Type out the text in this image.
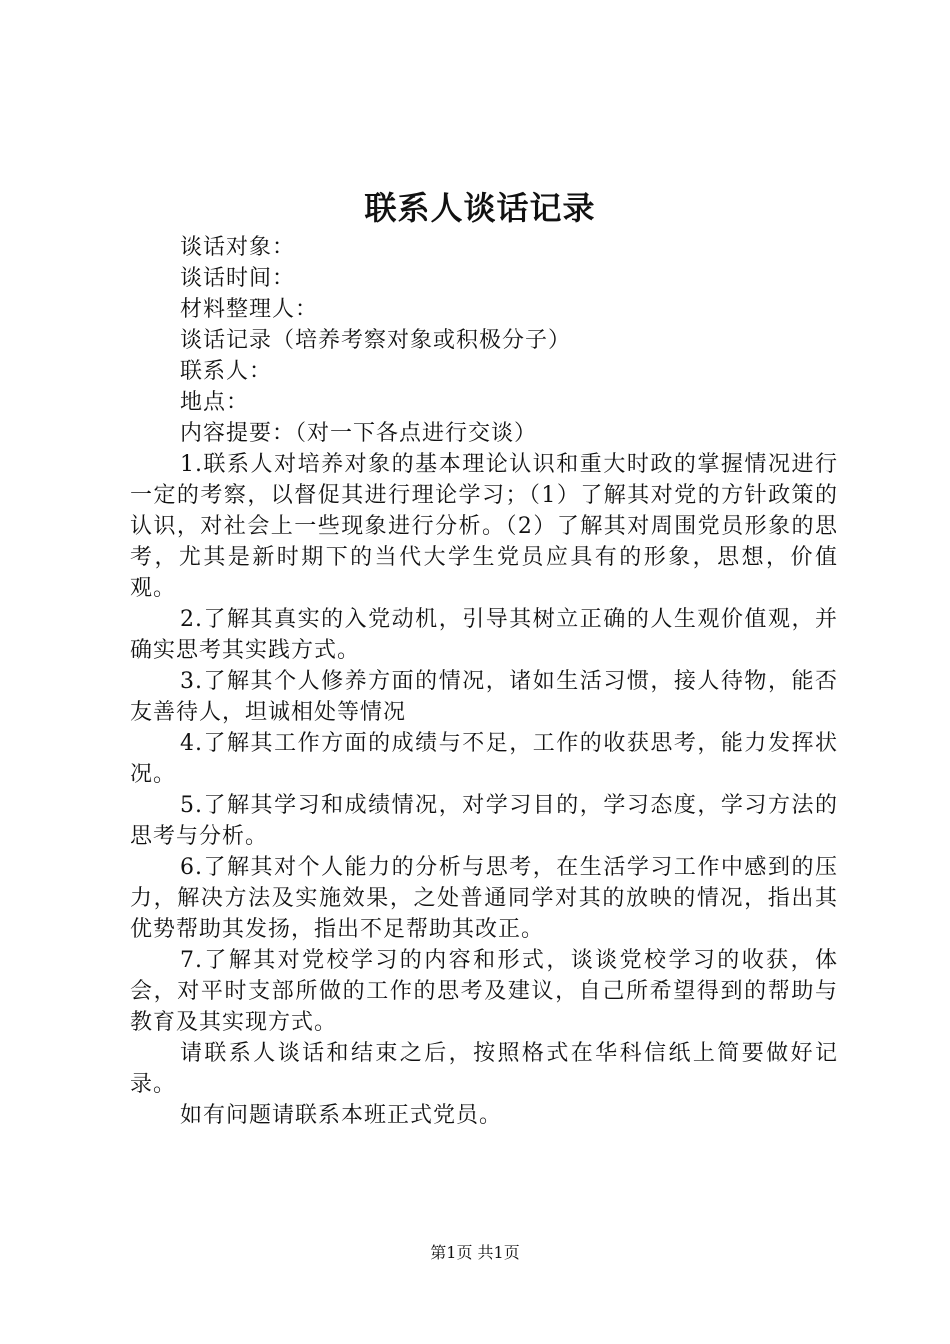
联系人谈话记录

谈话对象：

谈话时间：

材料整理人：

谈话记录（培养考察对象或积极分子）

联系人：

地点：

内容提要：（对一下各点进行交谈）

1.联系人对培养对象的基本理论认识和重大时政的掌握情况进行一定的考察，以督促其进行理论学习；（1）了解其对党的方针政策的认识，对社会上一些现象进行分析。（2）了解其对周围党员形象的思考，尤其是新时期下的当代大学生党员应具有的形象，思想，价值观。

2.了解其真实的入党动机，引导其树立正确的人生观价值观，并确实思考其实践方式。

3.了解其个人修养方面的情况，诸如生活习惯，接人待物，能否友善待人，坦诚相处等情况

4.了解其工作方面的成绩与不足，工作的收获思考，能力发挥状况。

5.了解其学习和成绩情况，对学习目的，学习态度，学习方法的思考与分析。

6.了解其对个人能力的分析与思考，在生活学习工作中感到的压力，解决方法及实施效果，之处普通同学对其的放映的情况，指出其优势帮助其发扬，指出不足帮助其改正。

7.了解其对党校学习的内容和形式，谈谈党校学习的收获，体会，对平时支部所做的工作的思考及建议，自己所希望得到的帮助与教育及其实现方式。

请联系人谈话和结束之后，按照格式在华科信纸上简要做好记录。

如有问题请联系本班正式党员。

第1页 共1页
